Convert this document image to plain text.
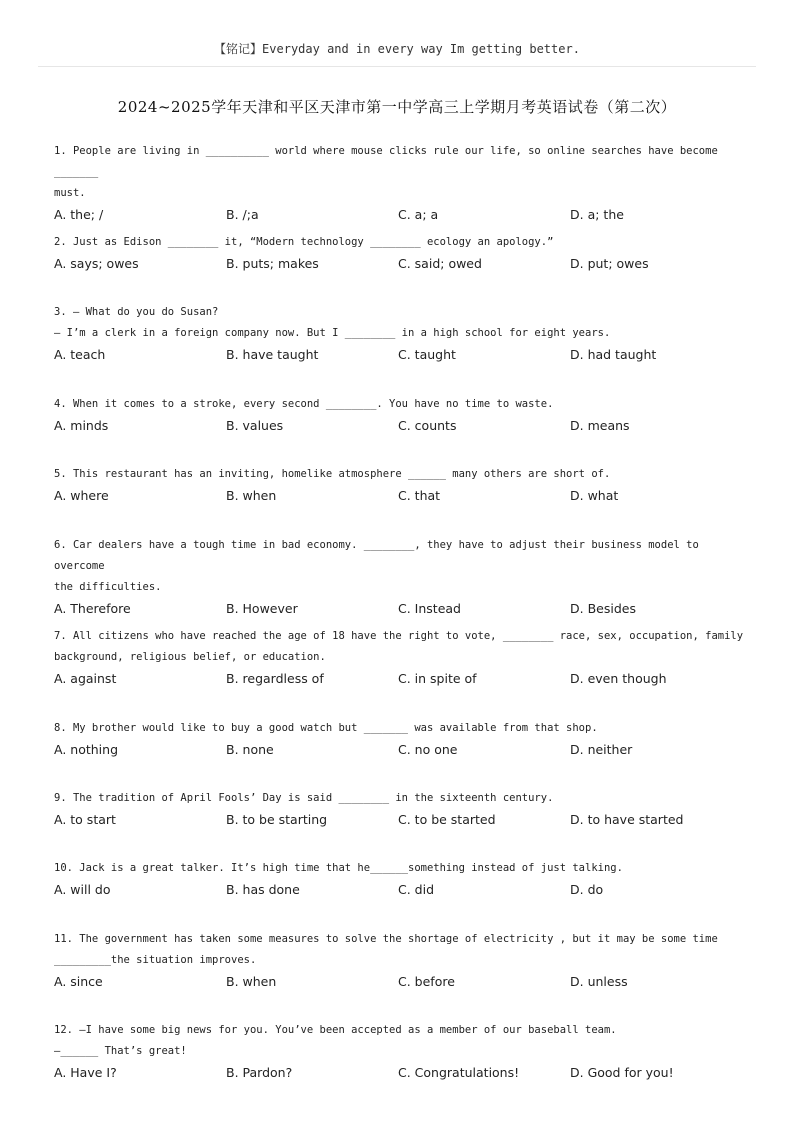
【铭记】Everyday and in every way Im getting better.
2024~2025学年天津和平区天津市第一中学高三上学期月考英语试卷（第二次）
1. People are living in __________ world where mouse clicks rule our life, so online searches have become _______
must.
A. the; /	B. /;a	C. a; a	D. a; the
2. Just as Edison ________ it, “Modern technology ________ ecology an apology.”
A. says; owes	B. puts; makes	C. said; owed	D. put; owes
3. — What do you do Susan?
— I’m a clerk in a foreign company now. But I ________ in a high school for eight years.
A. teach	B. have taught	C. taught	D. had taught
4. When it comes to a stroke, every second ________. You have no time to waste.
A. minds	B. values	C. counts	D. means
5. This restaurant has an inviting, homelike atmosphere ______ many others are short of.
A. where	B. when	C. that	D. what
6. Car dealers have a tough time in bad economy. ________, they have to adjust their business model to overcome
the difficulties.
A. Therefore	B. However	C. Instead	D. Besides
7. All citizens who have reached the age of 18 have the right to vote, ________ race, sex, occupation, family
background, religious belief, or education.
A. against	B. regardless of	C. in spite of	D. even though
8. My brother would like to buy a good watch but _______ was available from that shop.
A. nothing	B. none	C. no one	D. neither
9. The tradition of April Fools’ Day is said ________ in the sixteenth century.
A. to start	B. to be starting	C. to be started	D. to have started
10. Jack is a great talker. It’s high time that he______something instead of just talking.
A. will do	B. has done	C. did	D. do
11. The government has taken some measures to solve the shortage of electricity , but it may be some time
_________the situation improves.
A. since	B. when	C. before	D. unless
12. —I have some big news for you. You’ve been accepted as a member of our baseball team.
—______ That’s great!
A. Have I?	B. Pardon?	C. Congratulations!	D. Good for you!
